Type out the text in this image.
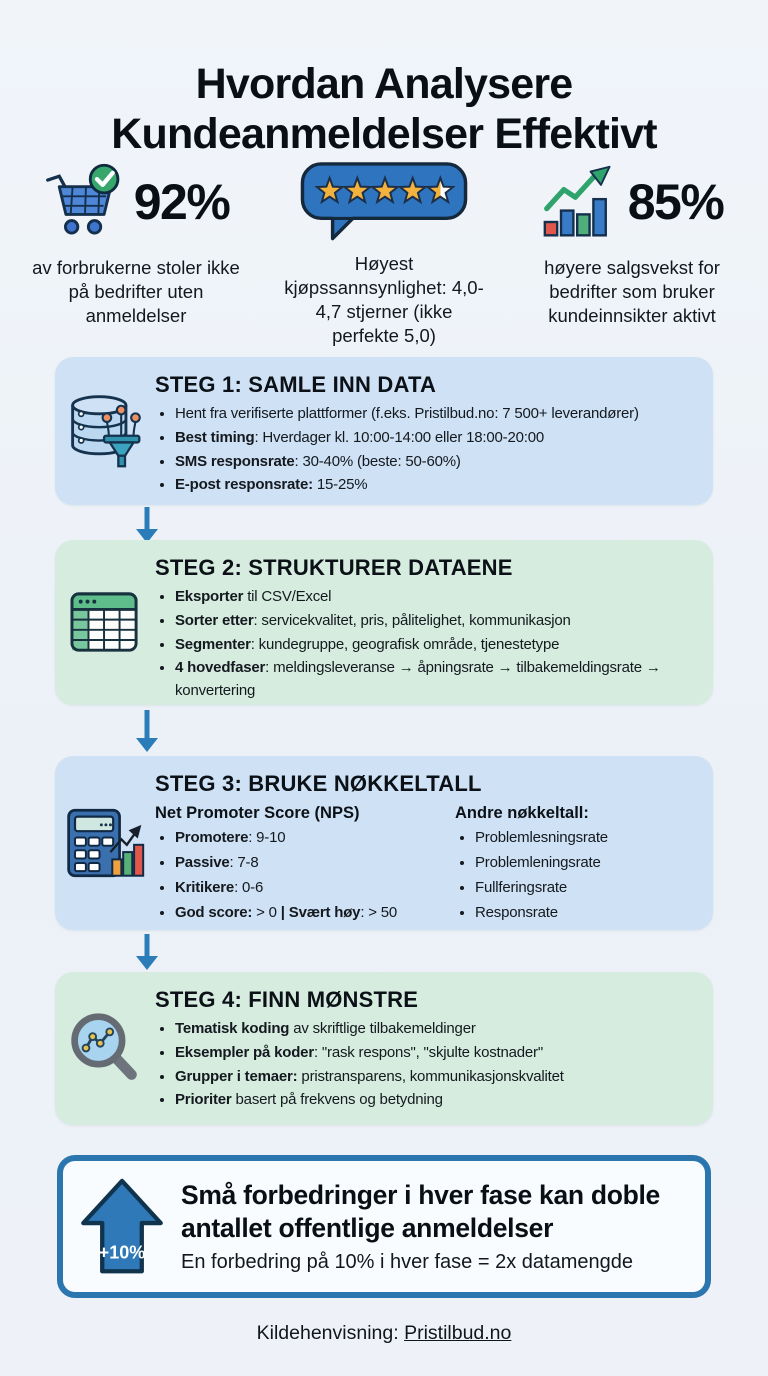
Hvordan Analysere Kundeanmeldelser Effektivt
92%
av forbrukerne stoler ikke på bedrifter uten anmeldelser
Høyest kjøpssannsynlighet: 4,0-4,7 stjerner (ikke perfekte 5,0)
85%
høyere salgsvekst for bedrifter som bruker kundeinnsikter aktivt
STEG 1: SAMLE INN DATA
• Hent fra verifiserte plattformer (f.eks. Pristilbud.no: 7 500+ leverandører)
• Best timing: Hverdager kl. 10:00-14:00 eller 18:00-20:00
• SMS responsrate: 30-40% (beste: 50-60%)
• E-post responsrate: 15-25%
STEG 2: STRUKTURER DATAENE
• Eksporter til CSV/Excel
• Sorter etter: servicekvalitet, pris, pålitelighet, kommunikasjon
• Segmenter: kundegruppe, geografisk område, tjenestetype
• 4 hovedfaser: meldingsleveranse → åpningsrate → tilbakemeldingsrate → konvertering
STEG 3: BRUKE NØKKELTALL
Net Promoter Score (NPS)
• Promotere: 9-10
• Passive: 7-8
• Kritikere: 0-6
• God score: > 0 | Svært høy: > 50
Andre nøkkeltall:
• Problemlesningsrate
• Problemleningsrate
• Fullferingsrate
• Responsrate
STEG 4: FINN MØNSTRE
• Tematisk koding av skriftlige tilbakemeldinger
• Eksempler på koder: "rask respons", "skjulte kostnader"
• Grupper i temaer: pristransparens, kommunikasjonskvalitet
• Prioriter basert på frekvens og betydning
+10%
Små forbedringer i hver fase kan doble antallet offentlige anmeldelser
En forbedring på 10% i hver fase = 2x datamengde
Kildehenvisning: Pristilbud.no
